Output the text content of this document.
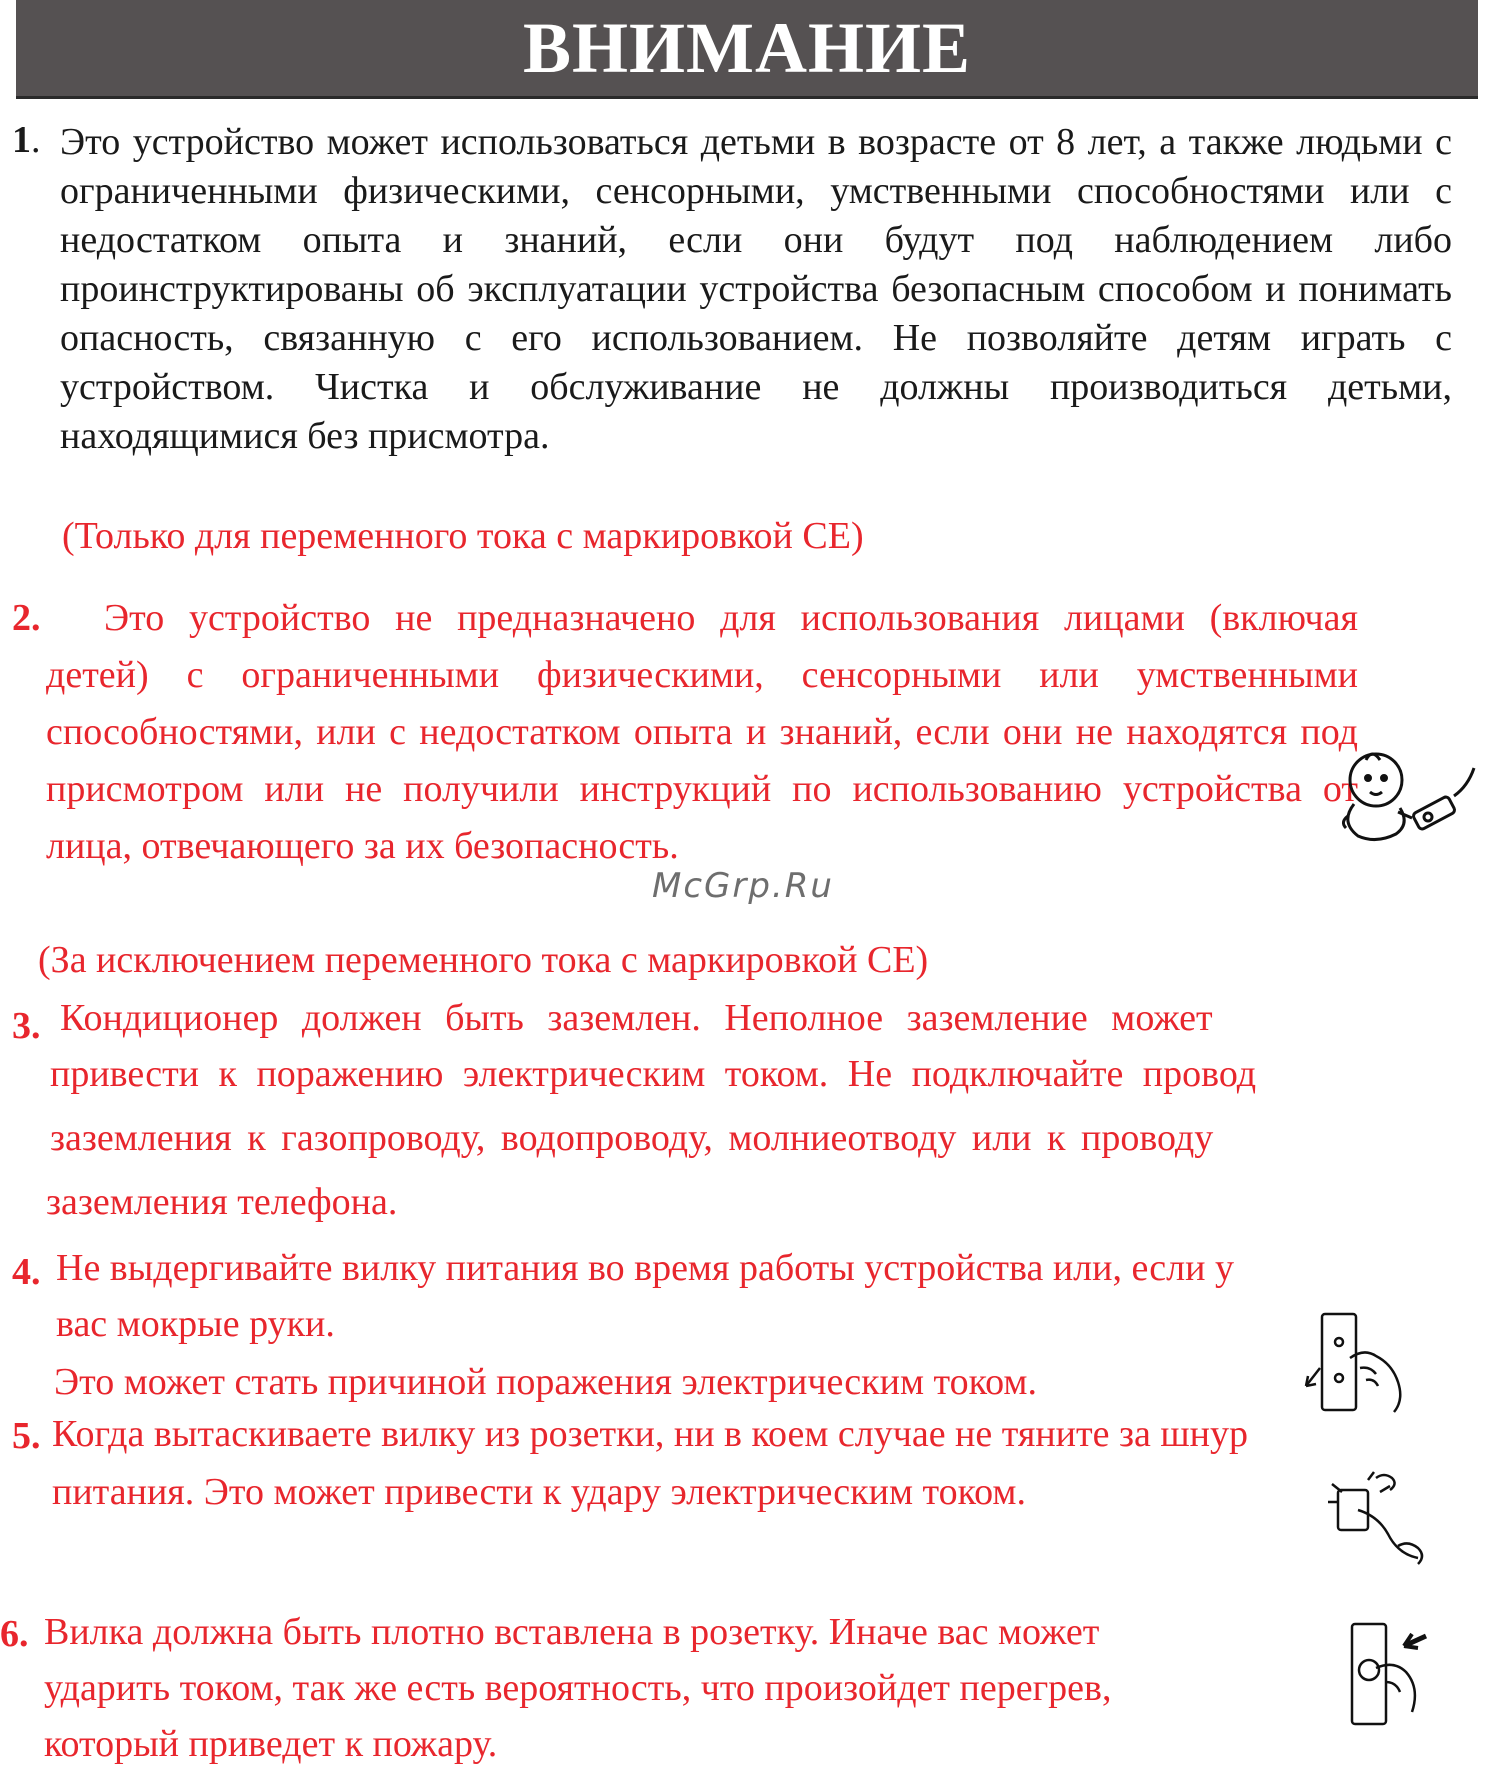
ВНИМАНИЕ
1. Это устройство может использоваться детьми в возрасте от 8 лет, а также людьми с ограниченными физическими, сенсорными, умственными способностями или с недостатком опыта и знаний, если они будут под наблюдением либо проинструктированы об эксплуатации устройства безопасным способом и понимать опасность, связанную с его использованием. Не позволяйте детям играть с устройством. Чистка и обслуживание не должны производиться детьми, находящимися без присмотра.
(Только для переменного тока с маркировкой CE)
2.	Это устройство не предназначено для использования лицами (включая детей) с ограниченными физическими, сенсорными или умственными способностями, или с недостатком опыта и знаний, если они не находятся под присмотром или не получили инструкций по использованию устройства от лица, отвечающего за их безопасность.
(За исключением переменного тока с маркировкой CE)
McGrp.Ru
3. Кондиционер должен быть заземлен. Неполное заземление может
привести к поражению электрическим током. Не подключайте провод
заземления к газопроводу, водопроводу, молниеотводу или к проводу
заземления телефона.
4. Не выдергивайте вилку питания во время работы устройства или, если у
вас мокрые руки.
Это может стать причиной поражения электрическим током.
5. Когда вытаскиваете вилку из розетки, ни в коем случае не тяните за шнур
питания. Это может привести к удару электрическим током.
6. Вилка должна быть плотно вставлена в розетку. Иначе вас может
ударить током, так же есть вероятность, что произойдет перегрев,
который приведет к пожару.
